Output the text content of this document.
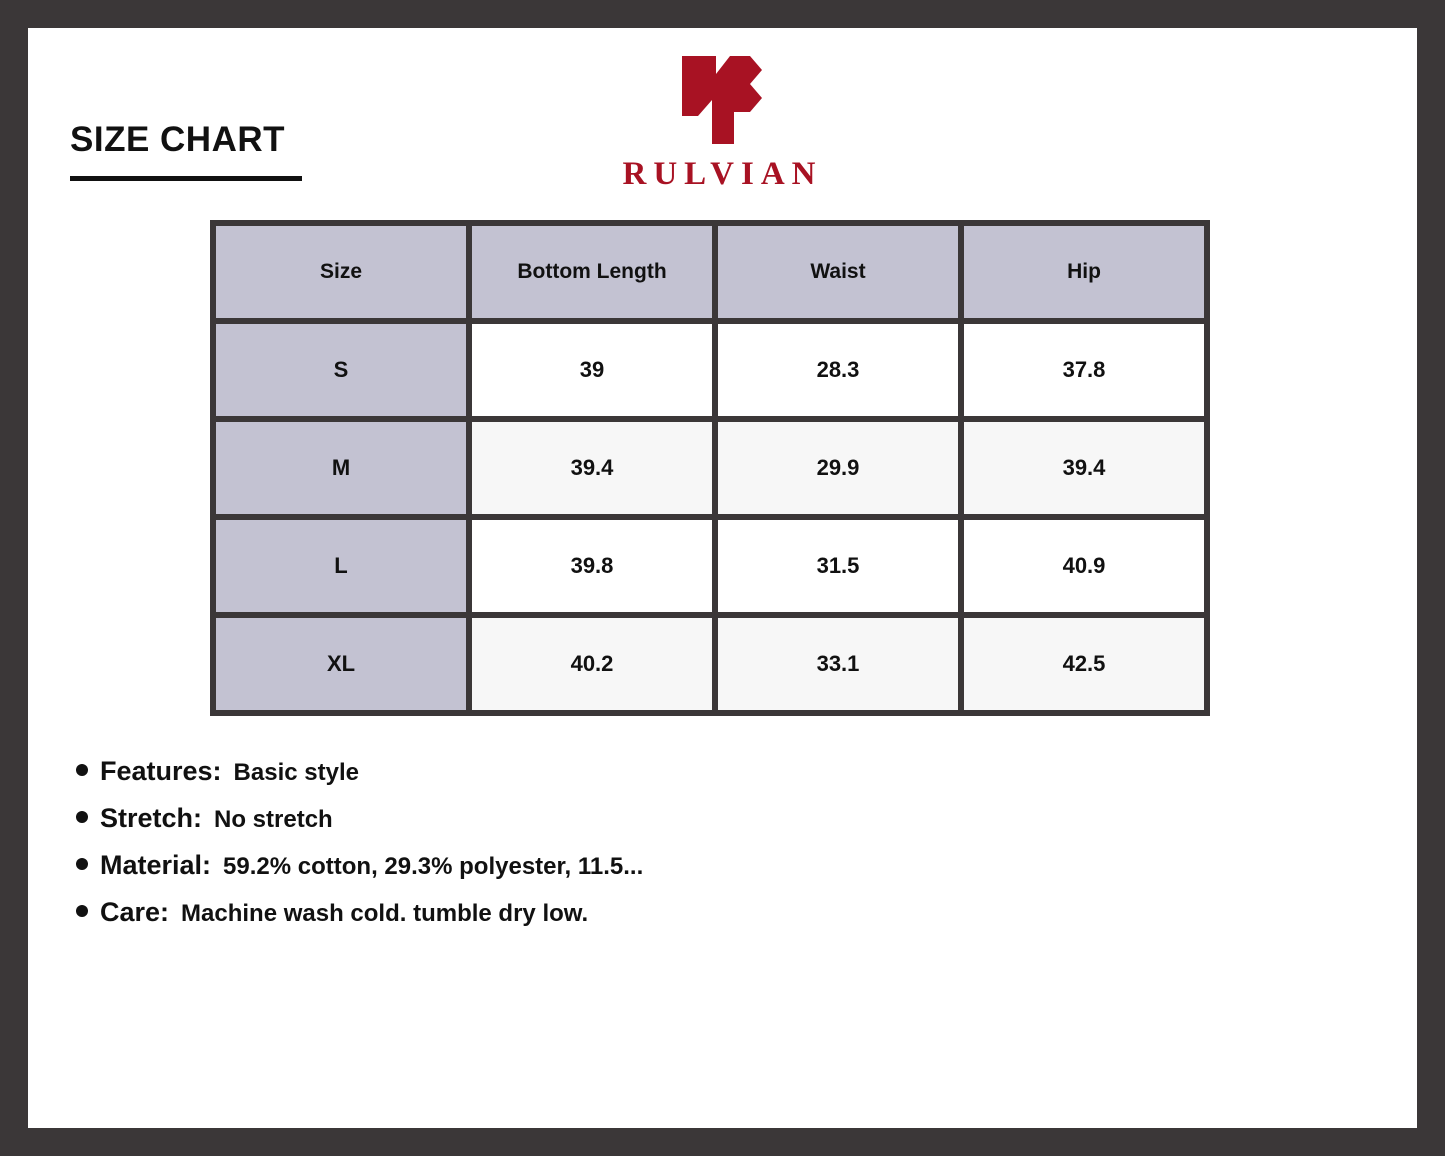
SIZE CHART
RULVIAN
Size	Bottom Length	Waist	Hip
S	39	28.3	37.8
M	39.4	29.9	39.4
L	39.8	31.5	40.9
XL	40.2	33.1	42.5
Features: Basic style
Stretch: No stretch
Material: 59.2% cotton, 29.3% polyester, 11.5...
Care: Machine wash cold. tumble dry low.
